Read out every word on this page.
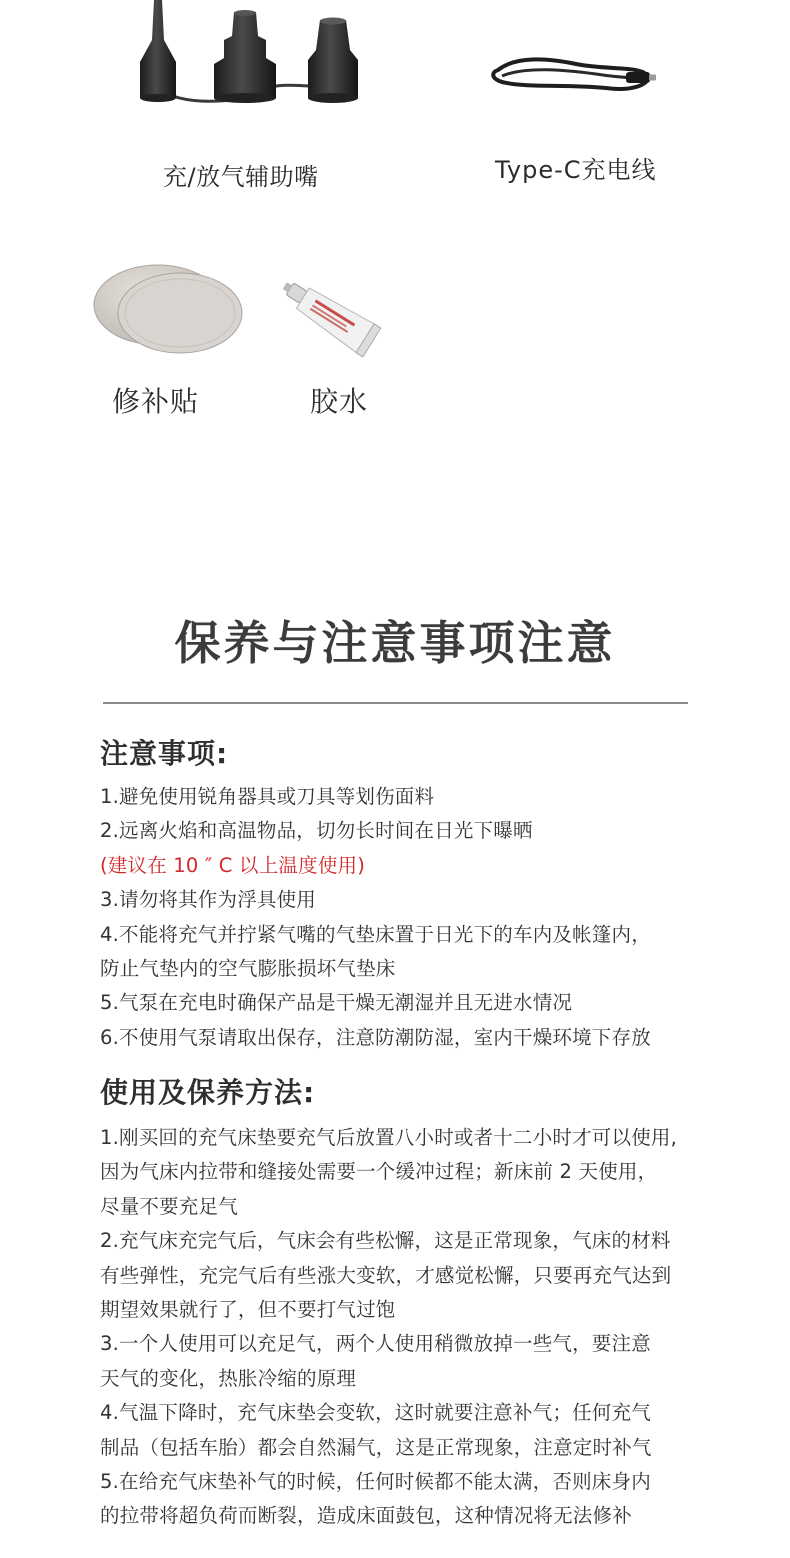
充/放气辅助嘴	Type-C充电线
修补贴	胶水
保养与注意事项注意
注意事项:
1.避免使用锐角器具或刀具等划伤面料
2.远离火焰和高温物品，切勿长时间在日光下曝晒
(建议在 10 ″ C 以上温度使用)
3.请勿将其作为浮具使用
4.不能将充气并拧紧气嘴的气垫床置于日光下的车内及帐篷内，
防止气垫内的空气膨胀损坏气垫床
5.气泵在充电时确保产品是干燥无潮湿并且无进水情况
6.不使用气泵请取出保存，注意防潮防湿，室内干燥环境下存放
使用及保养方法:
1.刚买回的充气床垫要充气后放置八小时或者十二小时才可以使用,
因为气床内拉带和缝接处需要一个缓冲过程；新床前 2 天使用，
尽量不要充足气
2.充气床充完气后，气床会有些松懈，这是正常现象，气床的材料
有些弹性，充完气后有些涨大变软，才感觉松懈，只要再充气达到
期望效果就行了，但不要打气过饱
3.一个人使用可以充足气，两个人使用稍微放掉一些气，要注意
天气的变化，热胀冷缩的原理
4.气温下降时，充气床垫会变软，这时就要注意补气；任何充气
制品（包括车胎）都会自然漏气，这是正常现象，注意定时补气
5.在给充气床垫补气的时候，任何时候都不能太满，否则床身内
的拉带将超负荷而断裂，造成床面鼓包，这种情况将无法修补
